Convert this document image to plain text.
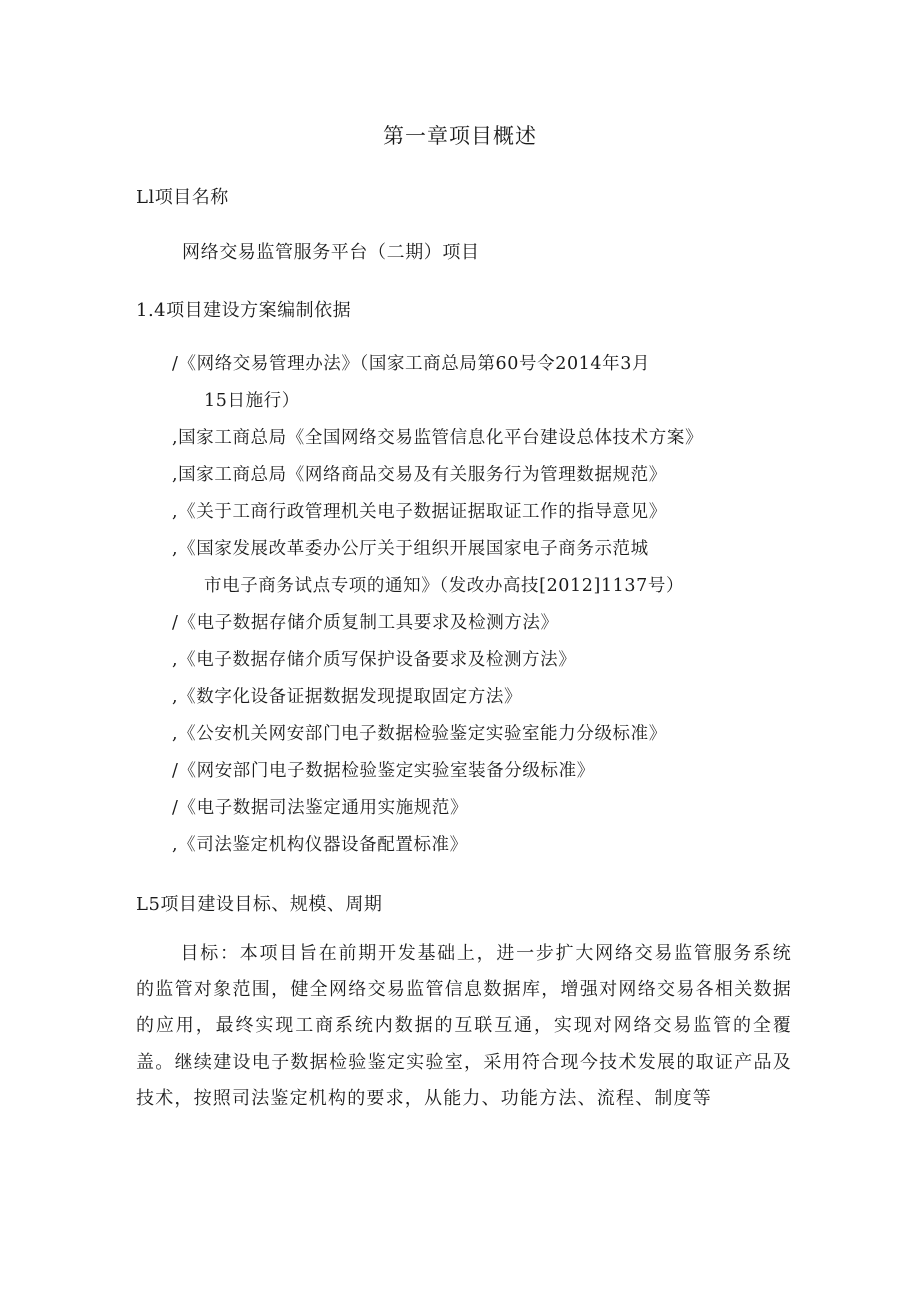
第一章项目概述
Ll项目名称
网络交易监管服务平台（二期）项目
1.4项目建设方案编制依据
/《网络交易管理办法》（国家工商总局第60号令2014年3月
15日施行）
,国家工商总局《全国网络交易监管信息化平台建设总体技术方案》
,国家工商总局《网络商品交易及有关服务行为管理数据规范》
,《关于工商行政管理机关电子数据证据取证工作的指导意见》
,《国家发展改革委办公厅关于组织开展国家电子商务示范城
市电子商务试点专项的通知》（发改办高技[2012]1137号）
/《电子数据存储介质复制工具要求及检测方法》
,《电子数据存储介质写保护设备要求及检测方法》
,《数字化设备证据数据发现提取固定方法》
,《公安机关网安部门电子数据检验鉴定实验室能力分级标准》
/《网安部门电子数据检验鉴定实验室装备分级标准》
/《电子数据司法鉴定通用实施规范》
,《司法鉴定机构仪器设备配置标准》
L5项目建设目标、规模、周期
目标：本项目旨在前期开发基础上，进一步扩大网络交易监管服务系统的监管对象范围，健全网络交易监管信息数据库，增强对网络交易各相关数据的应用，最终实现工商系统内数据的互联互通，实现对网络交易监管的全覆盖。继续建设电子数据检验鉴定实验室，采用符合现今技术发展的取证产品及技术，按照司法鉴定机构的要求，从能力、功能方法、流程、制度等
